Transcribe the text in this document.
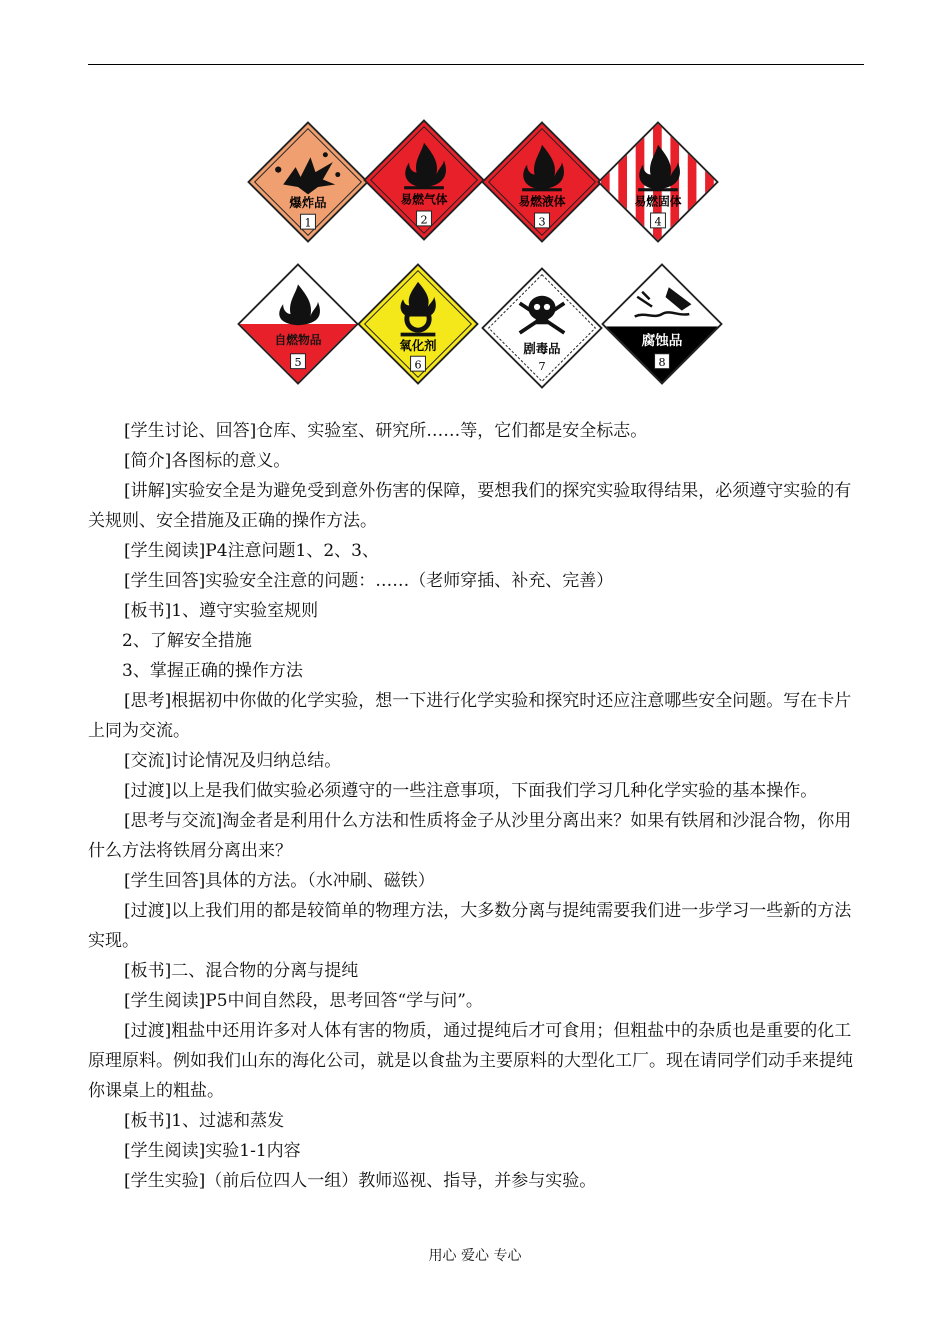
爆炸品
1
易燃气体
2
易燃液体
3
易燃固体
4
自燃物品
5
氧化剂
6
剧毒品
7
腐蚀品
8

[学生讨论、回答]仓库、实验室、研究所……等，它们都是安全标志。

[简介]各图标的意义。

[讲解]实验安全是为避免受到意外伤害的保障，要想我们的探究实验取得结果，必须遵守实验的有关规则、安全措施及正确的操作方法。

[学生阅读]P4注意问题1、2、3、

[学生回答]实验安全注意的问题：……（老师穿插、补充、完善）

[板书]1、遵守实验室规则

2、了解安全措施

3、掌握正确的操作方法

[思考]根据初中你做的化学实验，想一下进行化学实验和探究时还应注意哪些安全问题。写在卡片上同为交流。

[交流]讨论情况及归纳总结。

[过渡]以上是我们做实验必须遵守的一些注意事项，下面我们学习几种化学实验的基本操作。

[思考与交流]淘金者是利用什么方法和性质将金子从沙里分离出来？如果有铁屑和沙混合物，你用什么方法将铁屑分离出来？

[学生回答]具体的方法。（水冲刷、磁铁）

[过渡]以上我们用的都是较简单的物理方法，大多数分离与提纯需要我们进一步学习一些新的方法实现。

[板书]二、混合物的分离与提纯

[学生阅读]P5中间自然段，思考回答“学与问”。

[过渡]粗盐中还用许多对人体有害的物质，通过提纯后才可食用；但粗盐中的杂质也是重要的化工原理原料。例如我们山东的海化公司，就是以食盐为主要原料的大型化工厂。现在请同学们动手来提纯你课桌上的粗盐。

[板书]1、过滤和蒸发

[学生阅读]实验1-1内容

[学生实验]（前后位四人一组）教师巡视、指导，并参与实验。

用心 爱心 专心
